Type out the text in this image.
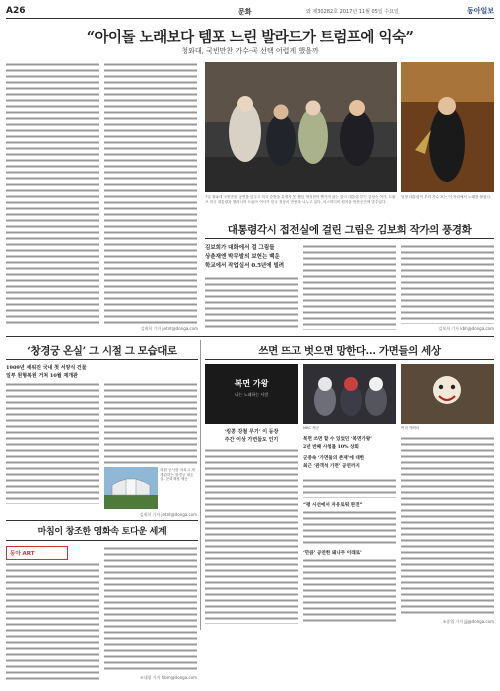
A26	문화	와 제30282호 2017년 11월 05일 수요일	동아일보
“아이돌 노래보다 템포 느린 발라드가 트럼프에 익숙”
청와대, 국빈만찬 가수·곡 선택 어렵게 했을까
김재희 기자 jetnt@donga.com
7일 청와대 국빈만찬 공연을 앞두고 미국 순방을 유명지 못 했던 박지현이 엔가지 않는 한국 대통령 부인 김정숙 여사, 트럼프 미국 대통령과 멜라니아 트럼프 여사가 한국 정상의 만찬을 나누고 있다. 마스미디어 원칙을 만찬공간에 맞추었다.
임정 대통령이 우리 가수 오는 이 자리에서 노래를 불렀다.
대통령각시 접전실에 걸린 그림은 김보희 작가의 풍경화
김보희가 대화에서 걸 그림들
상춘재엔 박무발의 보헌는 백운
학교에서 작업실서 0.5년에 빌려
김보희 기자 kbh@donga.com
‘창경궁 온실’ 그 시절 그 모습대로
1909년 세워진 국내 첫 서양식 건물
일부 원형복원 거쳐 10월 재개관
복원 공사를 마치고 재개관하는 창경궁 대온실. 문화재청 제공
김재희 기자 jetnt@donga.com
쓰면 뜨고 벗으면 망한다… 가면들의 세상
복면 가왕
나는 노래하는 사람
‘킹콩 강철 무기’ 이 등장
주간 이상 가면들도 인기
MBC 제공	여러 캐릭터
복면 쓰면 할 수 있었던 ‘복면가왕’
2년 반째 시청률 10% 상회
군중속 ‘가면들의 존재’에 대한
최근 ‘관객석 가면’ 공연까지
“평 시선에서 자유로워 완전”
‘만큼’ 공연한 돼나무 이래로’
조종엽 기자 jjj@donga.com
마침이 창조한 영화속 토다운 세계
동아 ART
조대형 기자 hbm@donga.com
